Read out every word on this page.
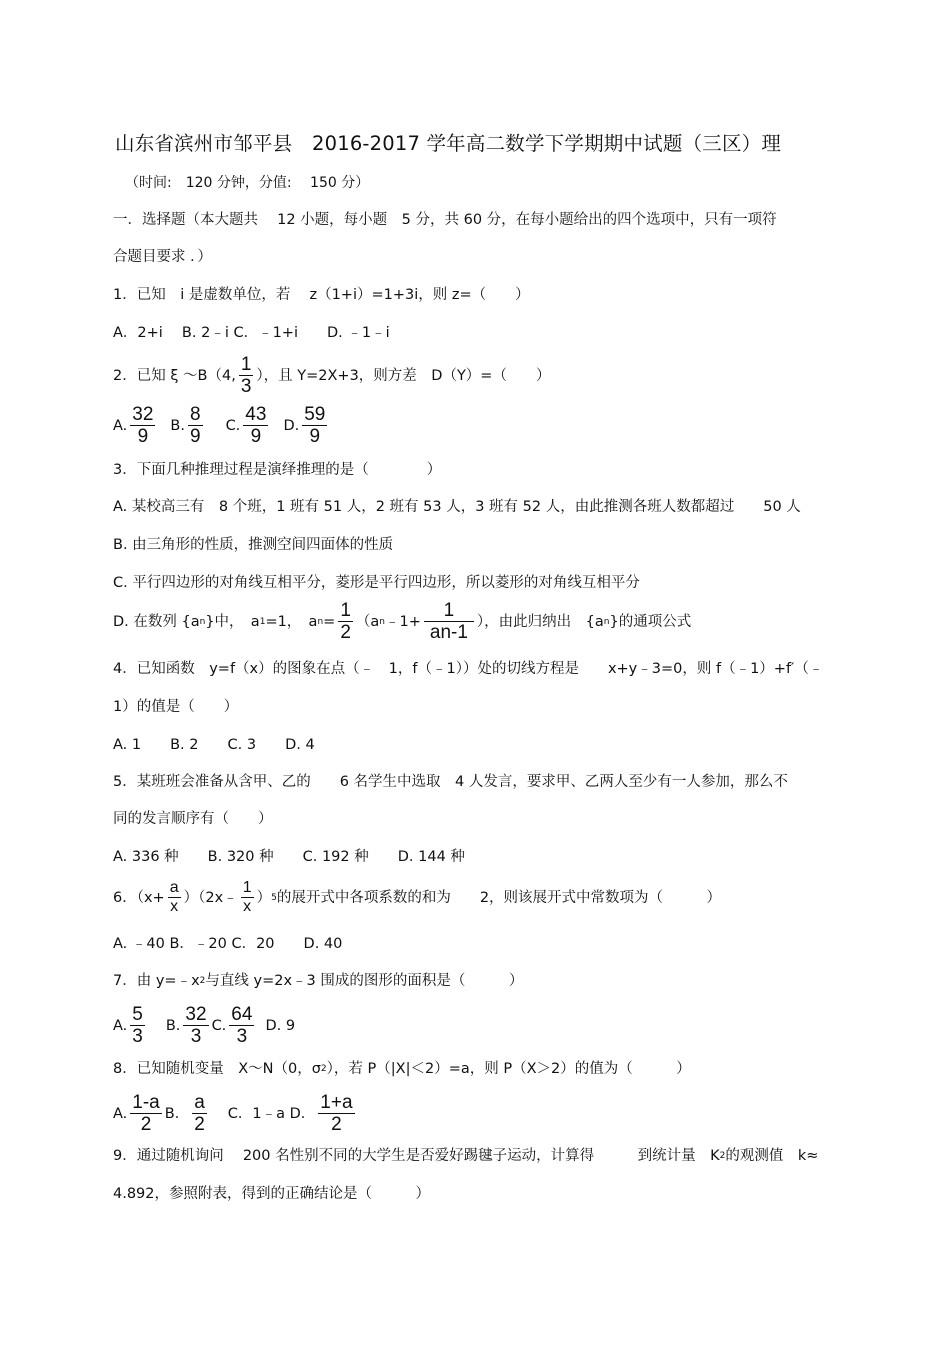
山东省滨州市邹平县　2016-2017 学年高二数学下学期期中试题（三区）理
（时间:　120 分钟，分值:　 150 分）
一．选择题（本大题共　 12 小题，每小题　5 分，共 60 分，在每小题给出的四个选项中，只有一项符
合题目要求 ．）
1．已知　i 是虚数单位，若　 z（1+i）=1+3i，则 z=（　　）
A．2+i　 B. 2﹣i C．﹣1+i　　D. ﹣1﹣i
2．已知 ξ ～B（4, $\frac{1}{3}$ ），且 Y=2X+3，则方差　D（Y）=（　　）
A. $\frac{32}{9} B$. $\frac{8}{9} C$. $\frac{43}{9} D$. $\frac{59}{9}$
3．下面几种推理过程是演绎推理的是（　　　　）
A. 某校高三有　8 个班，1 班有 51 人，2 班有 53 人，3 班有 52 人，由此推测各班人数都超过　　50 人
B. 由三角形的性质，推测空间四面体的性质
C. 平行四边形的对角线互相平分，菱形是平行四边形，所以菱形的对角线互相平分
D. 在数列 {a n }中，　a 1 =1，　a $n = \frac{1}{2} (a$ n ﹣1+ $\frac{1}{an-1}$ ），由此归纳出　{a n }的通项公式
4．已知函数　y=f（x）的图象在点（﹣　1，f（﹣1））处的切线方程是　　x+y﹣3=0，则 f（﹣1）+f′（﹣
1）的值是（　　）
A. 1　　B. 2　　C. 3　　D. 4
5．某班班会准备从含甲、乙的　　6 名学生中选取　4 人发言，要求甲、乙两人至少有一人参加，那么不
同的发言顺序有（　　）
A. 336 种　　B. 320 种　　C. 192 种　　D. 144 种
6．（$x+ \frac{a}{x}$ ）（2x﹣ $\frac{1}{x}$ ） 5 的展开式中各项系数的和为　　2，则该展开式中常数项为（　　　）
A. ﹣40 B．﹣20 C．20　　D. 40
7．由 y=﹣x 2 与直线 y=2x﹣3 围成的图形的面积是（　　　）
A. $\frac{5}{3} B$. $\frac{32}{3} C$. $\frac{64}{3} D$. 9
8．已知随机变量　X～N（0，σ 2 ），若 P（|X|＜2）=a，则 P（X＞2）的值为（　　　）
A. $\frac{1-a}{2}$ B． $\frac{a}{2}$ C．1﹣a D． $\frac{1+a}{2}$
9．通过随机询问　 200 名性别不同的大学生是否爱好踢毽子运动，计算得　　　到统计量　K 2 的观测值　k≈
4.892，参照附表，得到的正确结论是（　　　）
